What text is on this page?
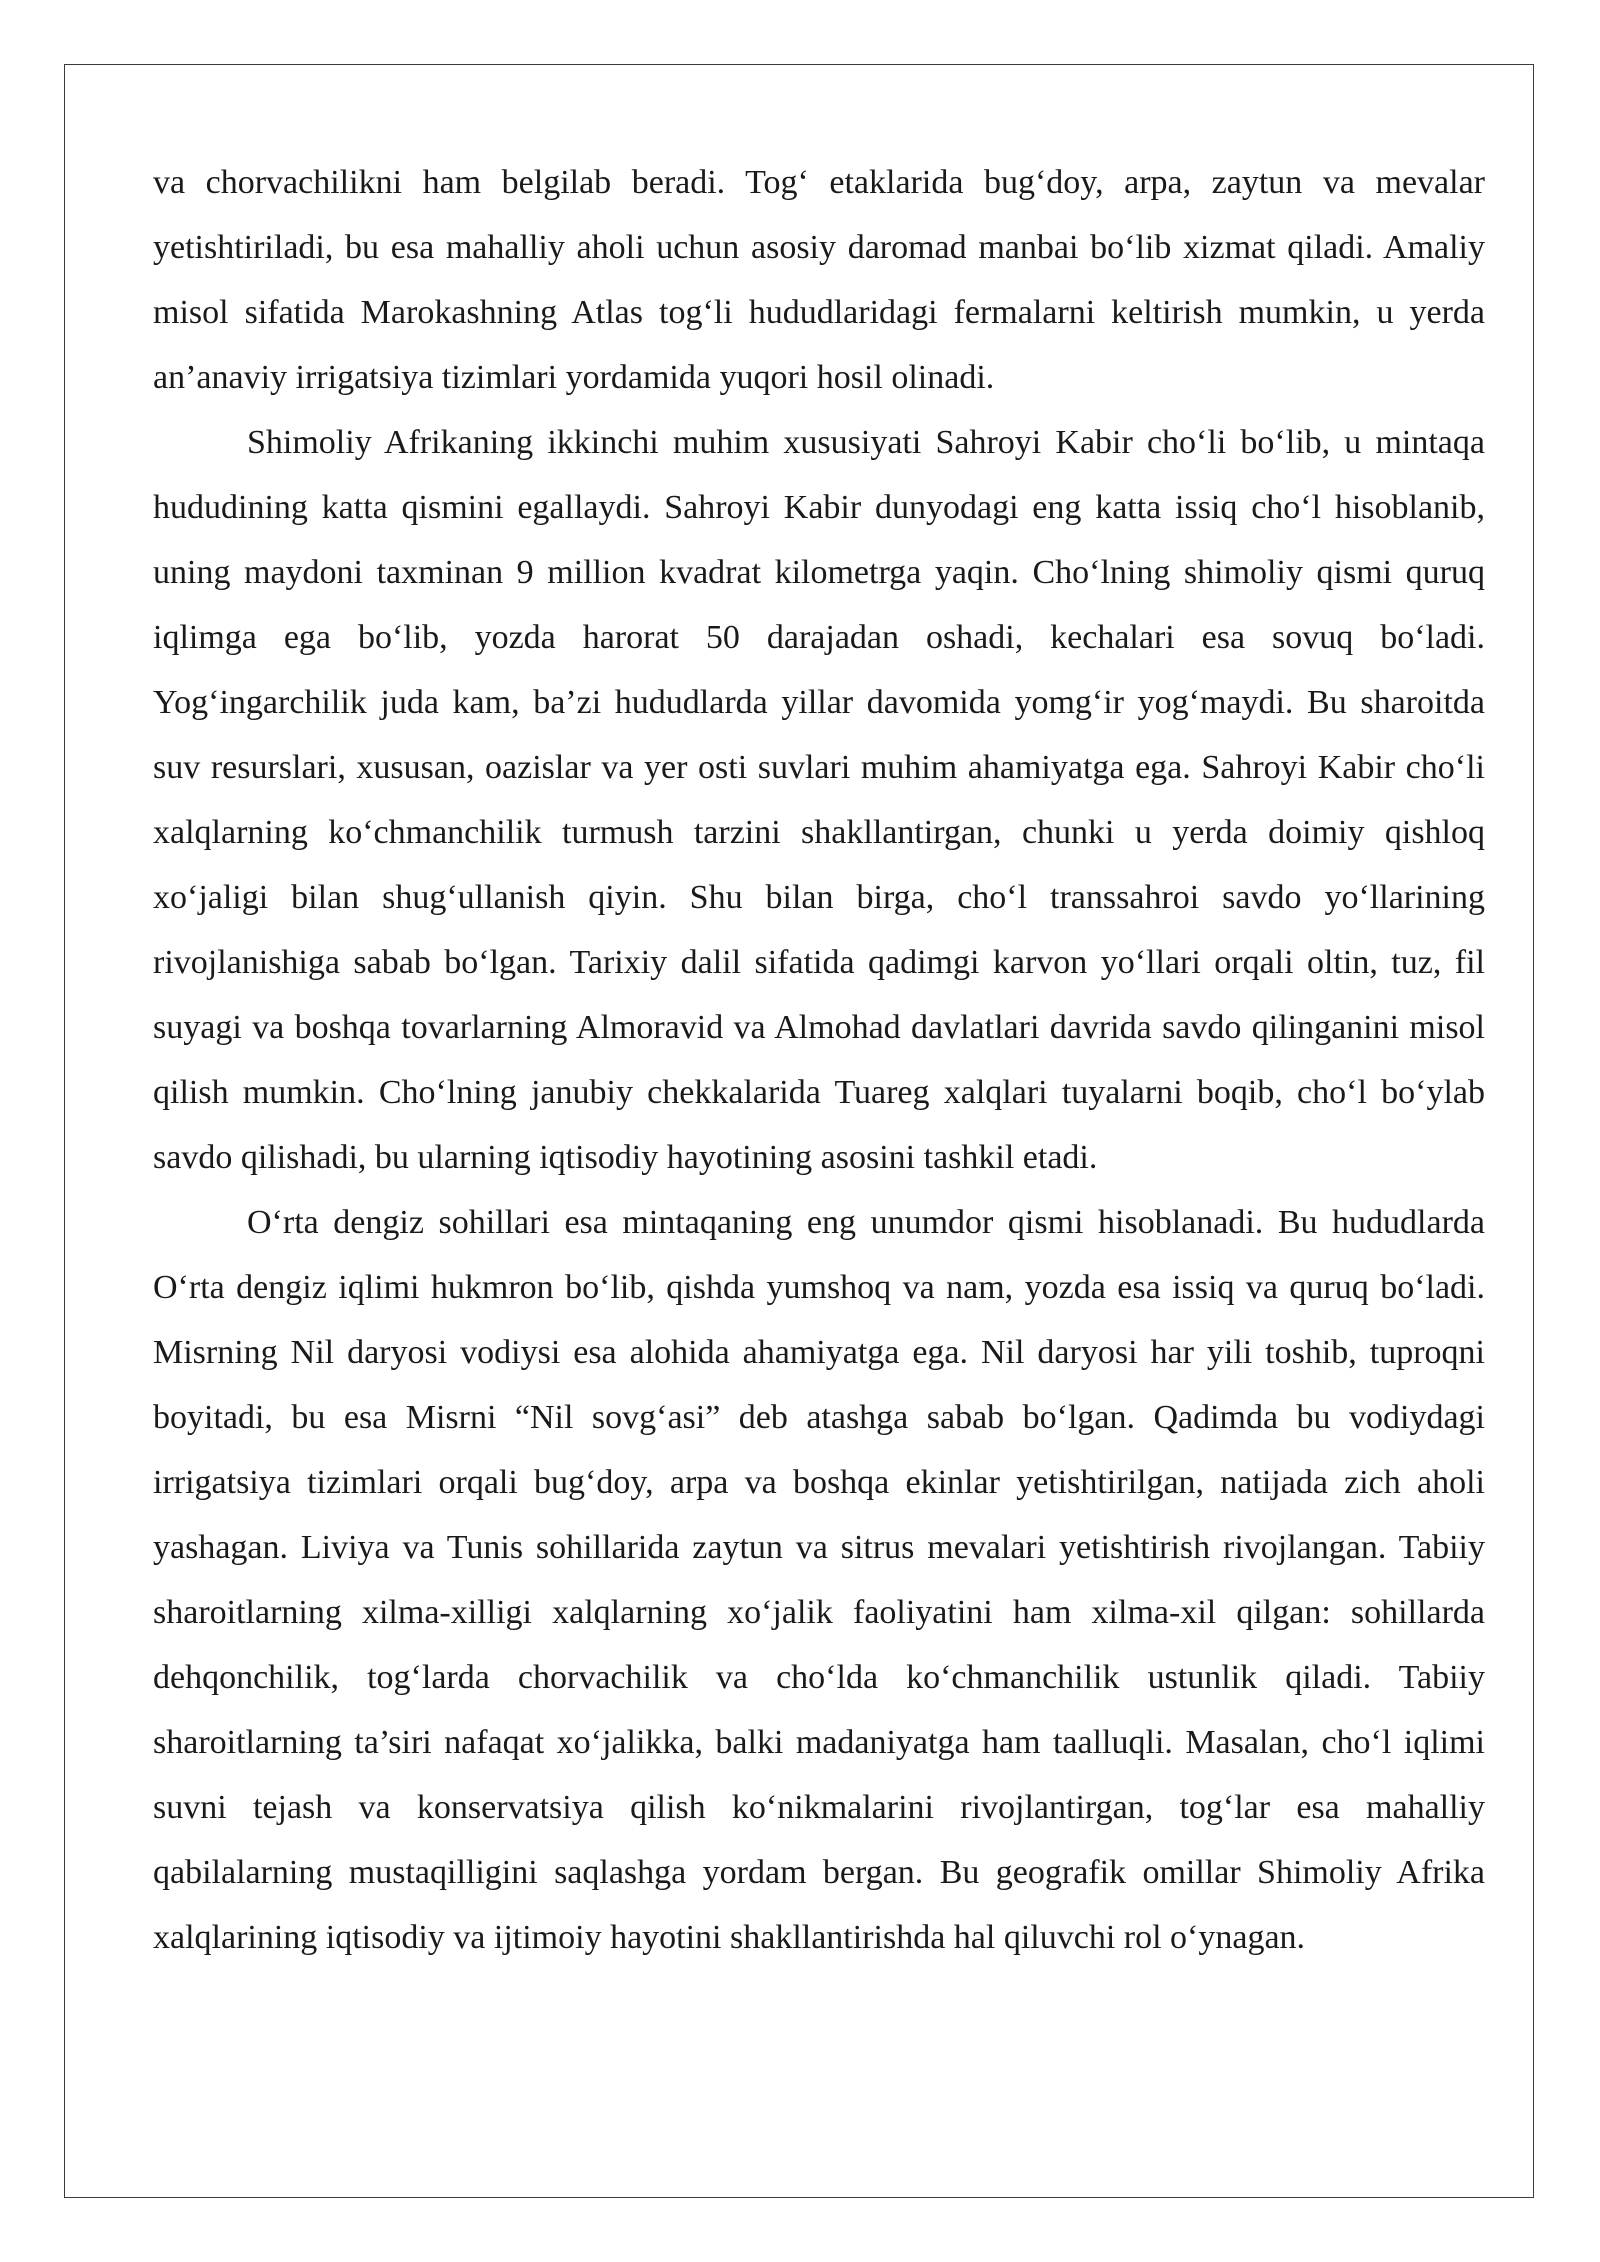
va chorvachilikni ham belgilab beradi. Tog‘ etaklarida bug‘doy, arpa, zaytun va mevalar yetishtiriladi, bu esa mahalliy aholi uchun asosiy daromad manbai bo‘lib xizmat qiladi. Amaliy misol sifatida Marokashning Atlas tog‘li hududlaridagi fermalarni keltirish mumkin, u yerda an’anaviy irrigatsiya tizimlari yordamida yuqori hosil olinadi.

Shimoliy Afrikaning ikkinchi muhim xususiyati Sahroyi Kabir cho‘li bo‘lib, u mintaqa hududining katta qismini egallaydi. Sahroyi Kabir dunyodagi eng katta issiq cho‘l hisoblanib, uning maydoni taxminan 9 million kvadrat kilometrga yaqin. Cho‘lning shimoliy qismi quruq iqlimga ega bo‘lib, yozda harorat 50 darajadan oshadi, kechalari esa sovuq bo‘ladi. Yog‘ingarchilik juda kam, ba’zi hududlarda yillar davomida yomg‘ir yog‘maydi. Bu sharoitda suv resurslari, xususan, oazislar va yer osti suvlari muhim ahamiyatga ega. Sahroyi Kabir cho‘li xalqlarning ko‘chmanchilik turmush tarzini shakllantirgan, chunki u yerda doimiy qishloq xo‘jaligi bilan shug‘ullanish qiyin. Shu bilan birga, cho‘l transsahroi savdo yo‘llarining rivojlanishiga sabab bo‘lgan. Tarixiy dalil sifatida qadimgi karvon yo‘llari orqali oltin, tuz, fil suyagi va boshqa tovarlarning Almoravid va Almohad davlatlari davrida savdo qilinganini misol qilish mumkin. Cho‘lning janubiy chekkalarida Tuareg xalqlari tuyalarni boqib, cho‘l bo‘ylab savdo qilishadi, bu ularning iqtisodiy hayotining asosini tashkil etadi.

O‘rta dengiz sohillari esa mintaqaning eng unumdor qismi hisoblanadi. Bu hududlarda O‘rta dengiz iqlimi hukmron bo‘lib, qishda yumshoq va nam, yozda esa issiq va quruq bo‘ladi. Misrning Nil daryosi vodiysi esa alohida ahamiyatga ega. Nil daryosi har yili toshib, tuproqni boyitadi, bu esa Misrni “Nil sovg‘asi” deb atashga sabab bo‘lgan. Qadimda bu vodiydagi irrigatsiya tizimlari orqali bug‘doy, arpa va boshqa ekinlar yetishtirilgan, natijada zich aholi yashagan. Liviya va Tunis sohillarida zaytun va sitrus mevalari yetishtirish rivojlangan. Tabiiy sharoitlarning xilma-xilligi xalqlarning xo‘jalik faoliyatini ham xilma-xil qilgan: sohillarda dehqonchilik, tog‘larda chorvachilik va cho‘lda ko‘chmanchilik ustunlik qiladi. Tabiiy sharoitlarning ta’siri nafaqat xo‘jalikka, balki madaniyatga ham taalluqli. Masalan, cho‘l iqlimi suvni tejash va konservatsiya qilish ko‘nikmalarini rivojlantirgan, tog‘lar esa mahalliy qabilalarning mustaqilligini saqlashga yordam bergan. Bu geografik omillar Shimoliy Afrika xalqlarining iqtisodiy va ijtimoiy hayotini shakllantirishda hal qiluvchi rol o‘ynagan.
